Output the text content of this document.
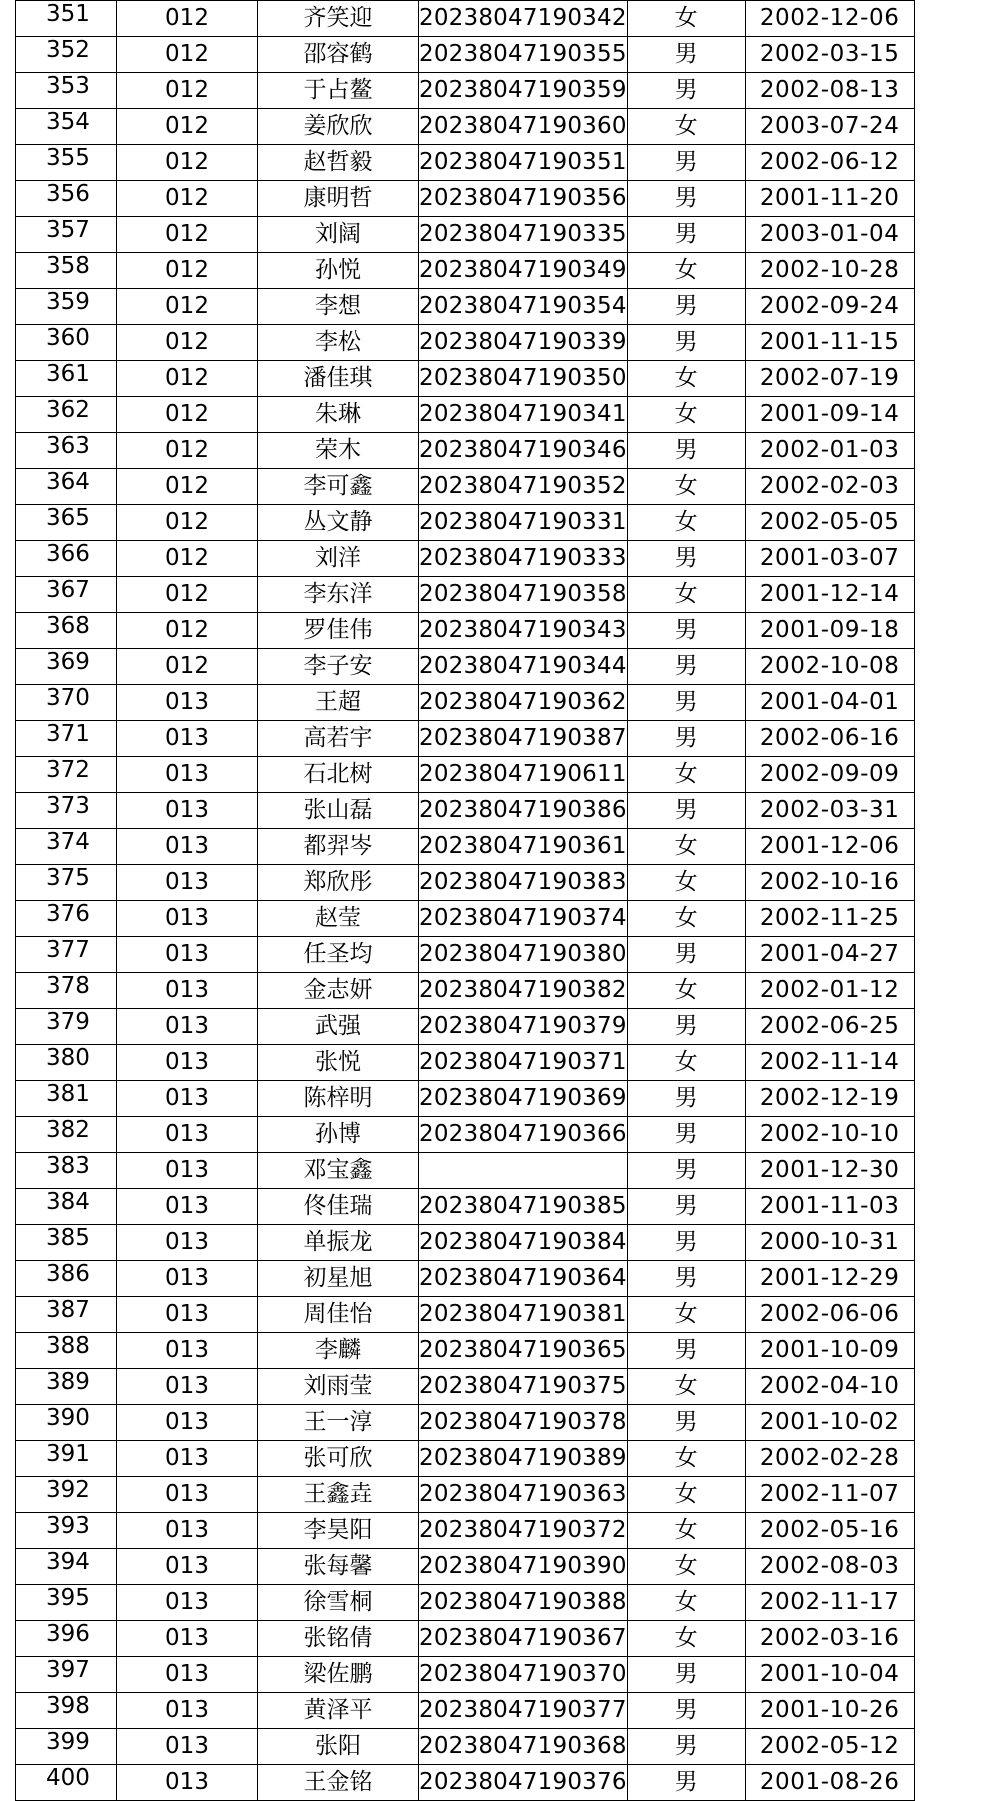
351	012	齐笑迎	20238047190342	女	2002-12-06
352	012	邵容鹤	20238047190355	男	2002-03-15
353	012	于占鳌	20238047190359	男	2002-08-13
354	012	姜欣欣	20238047190360	女	2003-07-24
355	012	赵哲毅	20238047190351	男	2002-06-12
356	012	康明哲	20238047190356	男	2001-11-20
357	012	刘阔	20238047190335	男	2003-01-04
358	012	孙悦	20238047190349	女	2002-10-28
359	012	李想	20238047190354	男	2002-09-24
360	012	李松	20238047190339	男	2001-11-15
361	012	潘佳琪	20238047190350	女	2002-07-19
362	012	朱琳	20238047190341	女	2001-09-14
363	012	荣木	20238047190346	男	2002-01-03
364	012	李可鑫	20238047190352	女	2002-02-03
365	012	丛文静	20238047190331	女	2002-05-05
366	012	刘洋	20238047190333	男	2001-03-07
367	012	李东洋	20238047190358	女	2001-12-14
368	012	罗佳伟	20238047190343	男	2001-09-18
369	012	李子安	20238047190344	男	2002-10-08
370	013	王超	20238047190362	男	2001-04-01
371	013	高若宇	20238047190387	男	2002-06-16
372	013	石北树	20238047190611	女	2002-09-09
373	013	张山磊	20238047190386	男	2002-03-31
374	013	都羿岑	20238047190361	女	2001-12-06
375	013	郑欣彤	20238047190383	女	2002-10-16
376	013	赵莹	20238047190374	女	2002-11-25
377	013	任圣均	20238047190380	男	2001-04-27
378	013	金志妍	20238047190382	女	2002-01-12
379	013	武强	20238047190379	男	2002-06-25
380	013	张悦	20238047190371	女	2002-11-14
381	013	陈梓明	20238047190369	男	2002-12-19
382	013	孙博	20238047190366	男	2002-10-10
383	013	邓宝鑫		男	2001-12-30
384	013	佟佳瑞	20238047190385	男	2001-11-03
385	013	单振龙	20238047190384	男	2000-10-31
386	013	初星旭	20238047190364	男	2001-12-29
387	013	周佳怡	20238047190381	女	2002-06-06
388	013	李麟	20238047190365	男	2001-10-09
389	013	刘雨莹	20238047190375	女	2002-04-10
390	013	王一淳	20238047190378	男	2001-10-02
391	013	张可欣	20238047190389	女	2002-02-28
392	013	王鑫垚	20238047190363	女	2002-11-07
393	013	李昊阳	20238047190372	女	2002-05-16
394	013	张每馨	20238047190390	女	2002-08-03
395	013	徐雪桐	20238047190388	女	2002-11-17
396	013	张铭倩	20238047190367	女	2002-03-16
397	013	梁佐鹏	20238047190370	男	2001-10-04
398	013	黄泽平	20238047190377	男	2001-10-26
399	013	张阳	20238047190368	男	2002-05-12
400	013	王金铭	20238047190376	男	2001-08-26
